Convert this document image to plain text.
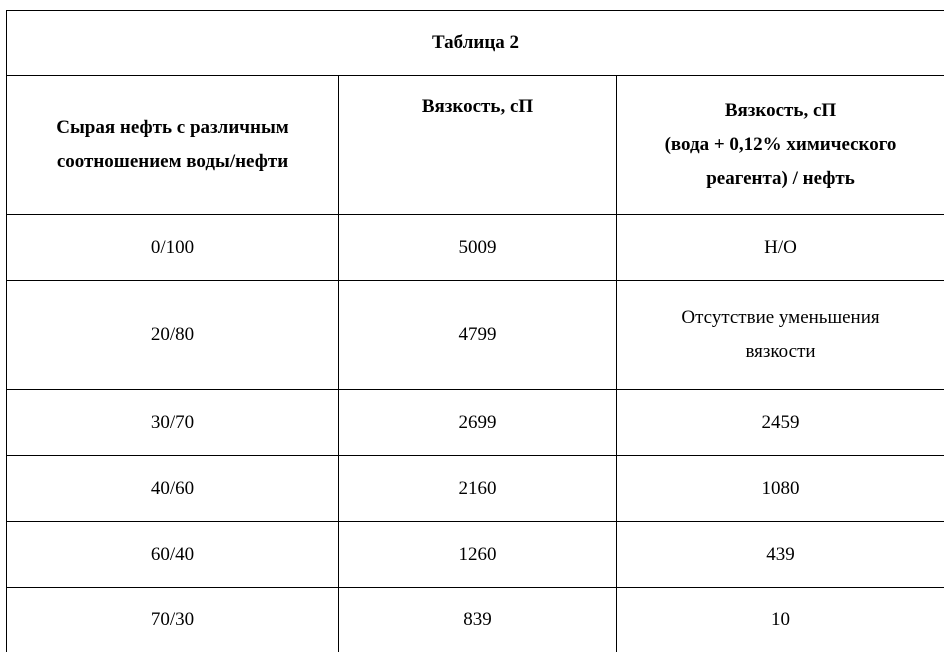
Таблица 2		

Сырая нефть с различным
соотношением воды/нефти	Вязкость, сП	Вязкость, сП
(вода + 0,12% химического
реагента) / нефть

0/100	5009	Н/О
20/80	4799	Отсутствие уменьшения
вязкости

30/70	2699	2459
40/60	2160	1080
60/40	1260	439
70/30	839	10
